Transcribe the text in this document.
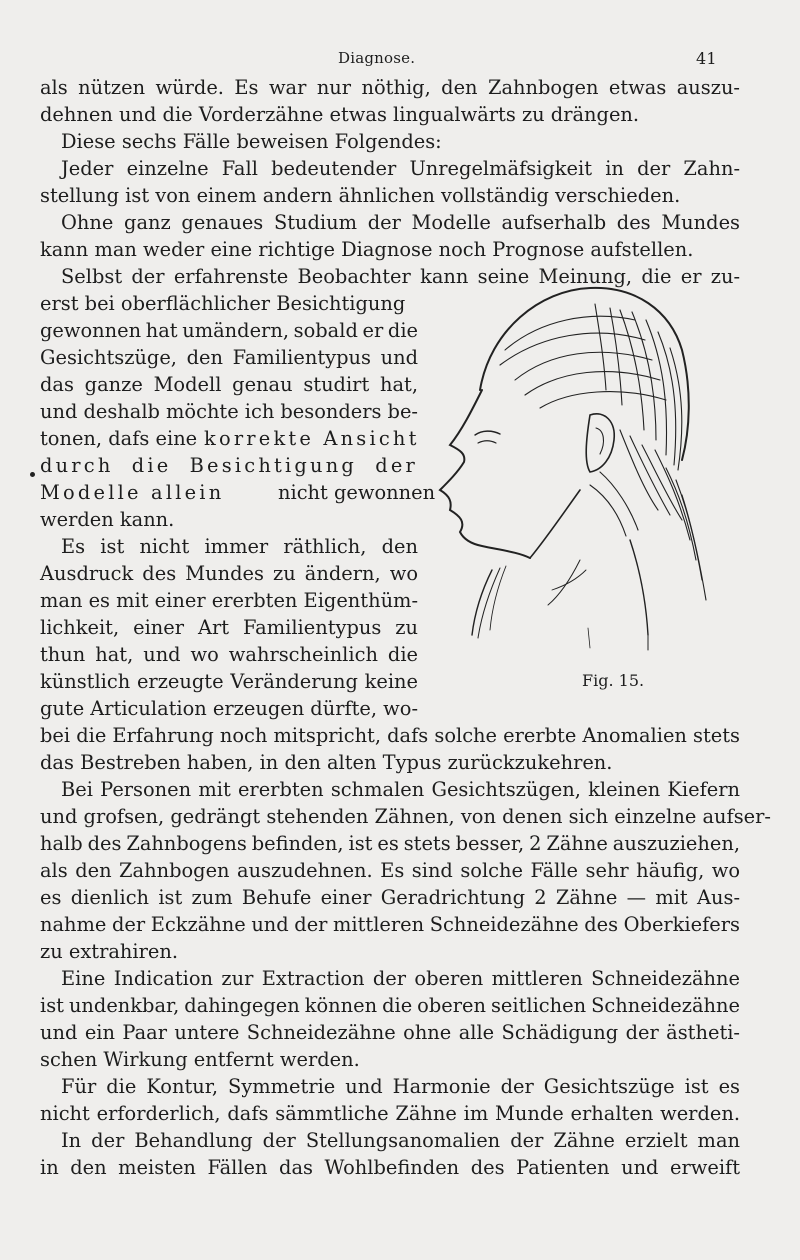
Diagnose.	41
als nützen würde. Es war nur nöthig, den Zahnbogen etwas auszu-
dehnen und die Vorderzähne etwas lingualwärts zu drängen.
Diese sechs Fälle beweisen Folgendes:
Jeder einzelne Fall bedeutender Unregelmäfsigkeit in der Zahn-
stellung ist von einem andern ähnlichen vollständig verschieden.
Ohne ganz genaues Studium der Modelle aufserhalb des Mundes
kann man weder eine richtige Diagnose noch Prognose aufstellen.
Selbst der erfahrenste Beobachter kann seine Meinung, die er zu-
erst bei oberflächlicher Besichtigung
gewonnen hat umändern, sobald er die
Gesichtszüge, den Familientypus und
das ganze Modell genau studirt hat,
und deshalb möchte ich besonders be-
tonen, dafs eine korrekte Ansicht
durch die Besichtigung der
Modelle allein	nicht gewonnen
werden kann.
Es ist nicht immer räthlich, den
Ausdruck des Mundes zu ändern, wo
man es mit einer ererbten Eigenthüm-
lichkeit, einer Art Familientypus zu
thun hat, und wo wahrscheinlich die
künstlich erzeugte Veränderung keine
gute Articulation erzeugen dürfte, wo-
bei die Erfahrung noch mitspricht, dafs solche ererbte Anomalien stets
das Bestreben haben, in den alten Typus zurückzukehren.
Bei Personen mit ererbten schmalen Gesichtszügen, kleinen Kiefern
und grofsen, gedrängt stehenden Zähnen, von denen sich einzelne aufser-
halb des Zahnbogens befinden, ist es stets besser, 2 Zähne auszuziehen,
als den Zahnbogen auszudehnen. Es sind solche Fälle sehr häufig, wo
es dienlich ist zum Behufe einer Geradrichtung 2 Zähne — mit Aus-
nahme der Eckzähne und der mittleren Schneidezähne des Oberkiefers
zu extrahiren.
Eine Indication zur Extraction der oberen mittleren Schneidezähne
ist undenkbar, dahingegen können die oberen seitlichen Schneidezähne
und ein Paar untere Schneidezähne ohne alle Schädigung der ästheti-
schen Wirkung entfernt werden.
Für die Kontur, Symmetrie und Harmonie der Gesichtszüge ist es
nicht erforderlich, dafs sämmtliche Zähne im Munde erhalten werden.
In der Behandlung der Stellungsanomalien der Zähne erzielt man
in den meisten Fällen das Wohlbefinden des Patienten und erweift
Fig. 15.
